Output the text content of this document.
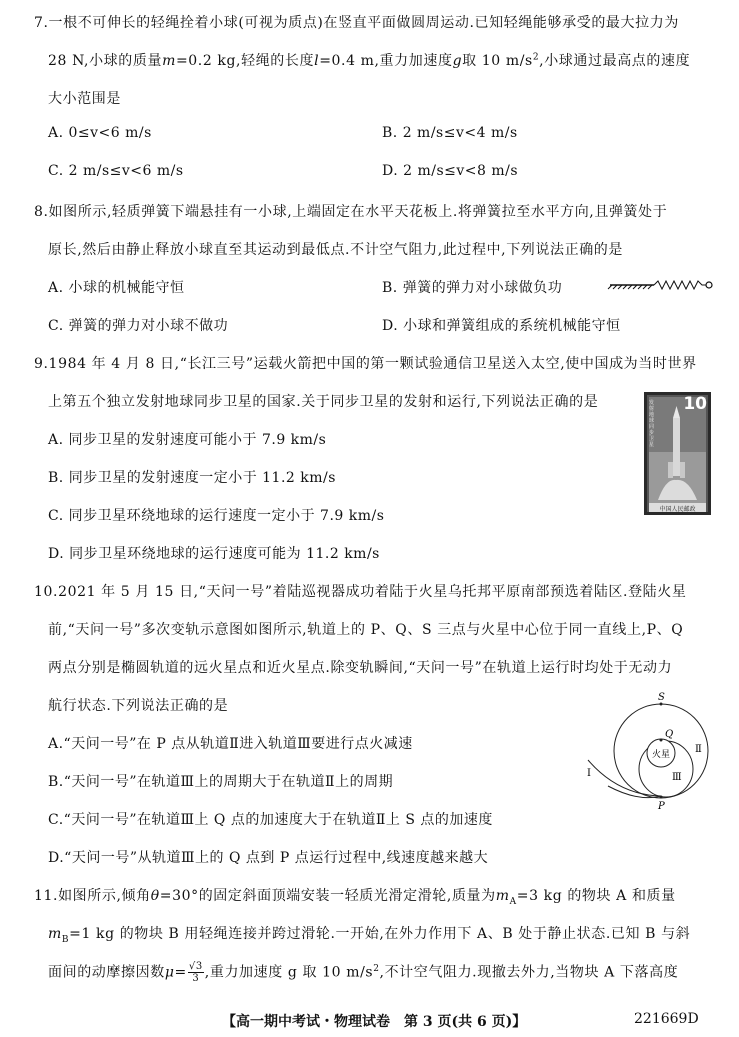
7.一根不可伸长的轻绳拴着小球(可视为质点)在竖直平面做圆周运动.已知轻绳能够承受的最大拉力为
28 N,小球的质量m=0.2 kg,轻绳的长度l=0.4 m,重力加速度g取 10 $m/s^2$,小球通过最高点的速度
大小范围是
A. 0≤v<6 m/s	B. 2 m/s≤v<4 m/s
C. 2 m/s≤v<6 m/s	D. 2 m/s≤v<8 m/s
8.如图所示,轻质弹簧下端悬挂有一小球,上端固定在水平天花板上.将弹簧拉至水平方向,且弹簧处于
原长,然后由静止释放小球直至其运动到最低点.不计空气阻力,此过程中,下列说法正确的是
A. 小球的机械能守恒	B. 弹簧的弹力对小球做负功
C. 弹簧的弹力对小球不做功	D. 小球和弹簧组成的系统机械能守恒
9.1984 年 4 月 8 日,“长江三号”运载火箭把中国的第一颗试验通信卫星送入太空,使中国成为当时世界
上第五个独立发射地球同步卫星的国家.关于同步卫星的发射和运行,下列说法正确的是
A. 同步卫星的发射速度可能小于 7.9 km/s
B. 同步卫星的发射速度一定小于 11.2 km/s
C. 同步卫星环绕地球的运行速度一定小于 7.9 km/s
D. 同步卫星环绕地球的运行速度可能为 11.2 km/s
10
发射地球同步卫星
中国人民邮政
10.2021 年 5 月 15 日,“天问一号”着陆巡视器成功着陆于火星乌托邦平原南部预选着陆区.登陆火星
前,“天问一号”多次变轨示意图如图所示,轨道上的 P、Q、S 三点与火星中心位于同一直线上,P、Q
两点分别是椭圆轨道的远火星点和近火星点.除变轨瞬间,“天问一号”在轨道上运行时均处于无动力
航行状态.下列说法正确的是
A.“天问一号”在 P 点从轨道Ⅱ进入轨道Ⅲ要进行点火减速
B.“天问一号”在轨道Ⅲ上的周期大于在轨道Ⅱ上的周期
C.“天问一号”在轨道Ⅲ上 Q 点的加速度大于在轨道Ⅱ上 S 点的加速度
D.“天问一号”从轨道Ⅲ上的 Q 点到 P 点运行过程中,线速度越来越大
S
Q
P
火星
Ⅰ
Ⅱ
Ⅲ
11.如图所示,倾角θ=30°的固定斜面顶端安装一轻质光滑定滑轮,质量为$m_A=3$ kg 的物块 A 和质量
$m_B=1$ kg 的物块 B 用轻绳连接并跨过滑轮.一开始,在外力作用下 A、B 处于静止状态.已知 B 与斜
面间的动摩擦因数$\mu= \frac{√3}{3}$ ,重力加速度 g 取 10 $m/s^2$,不计空气阻力.现撤去外力,当物块 A 下落高度
【高一期中考试・物理试卷　第 3 页(共 6 页)】	221669D
